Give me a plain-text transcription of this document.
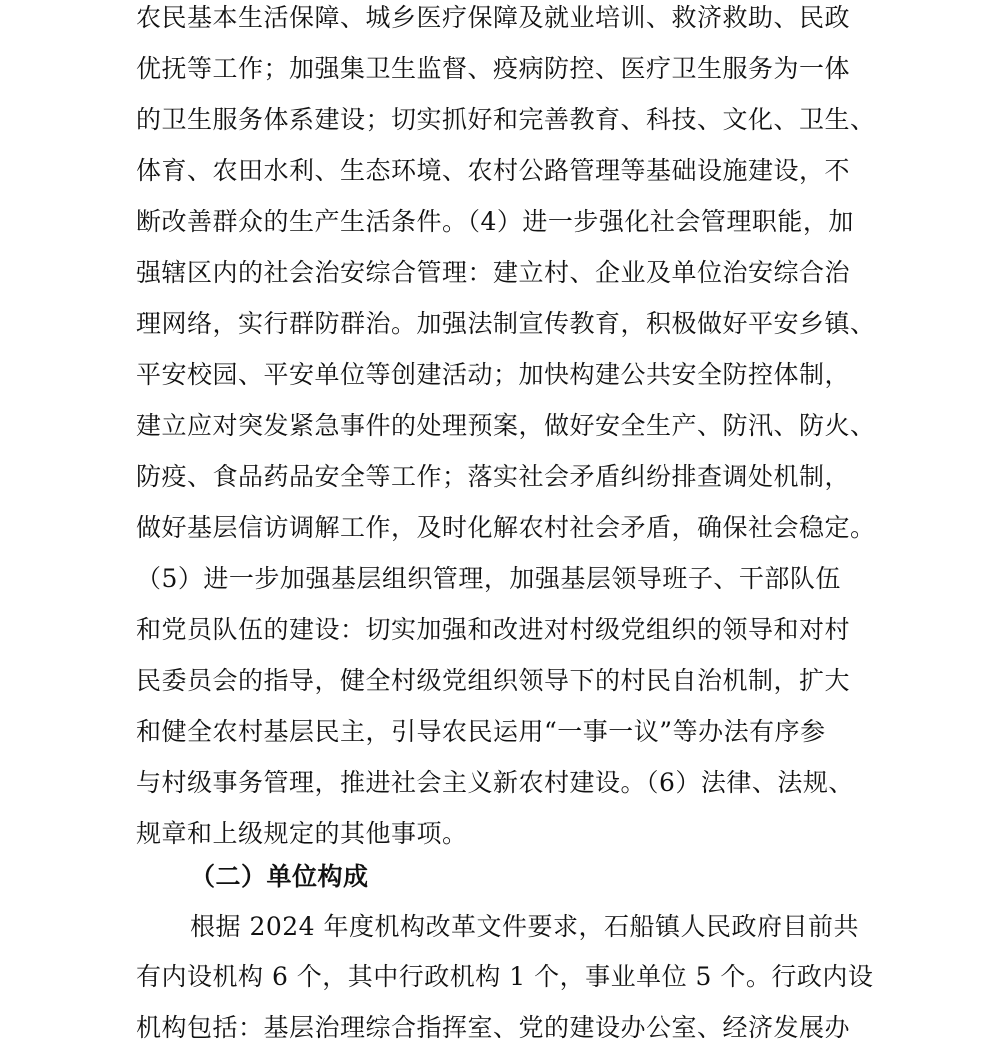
农民基本生活保障、城乡医疗保障及就业培训、救济救助、民政
优抚等工作；加强集卫生监督、疫病防控、医疗卫生服务为一体
的卫生服务体系建设；切实抓好和完善教育、科技、文化、卫生、
体育、农田水利、生态环境、农村公路管理等基础设施建设，不
断改善群众的生产生活条件。（4）进一步强化社会管理职能，加
强辖区内的社会治安综合管理：建立村、企业及单位治安综合治
理网络，实行群防群治。加强法制宣传教育，积极做好平安乡镇、
平安校园、平安单位等创建活动；加快构建公共安全防控体制，
建立应对突发紧急事件的处理预案，做好安全生产、防汛、防火、
防疫、食品药品安全等工作；落实社会矛盾纠纷排查调处机制，
做好基层信访调解工作，及时化解农村社会矛盾，确保社会稳定。
（5）进一步加强基层组织管理，加强基层领导班子、干部队伍
和党员队伍的建设：切实加强和改进对村级党组织的领导和对村
民委员会的指导，健全村级党组织领导下的村民自治机制，扩大
和健全农村基层民主，引导农民运用“一事一议”等办法有序参
与村级事务管理，推进社会主义新农村建设。（6）法律、法规、
规章和上级规定的其他事项。
（二）单位构成
根据 2024 年度机构改革文件要求，石船镇人民政府目前共
有内设机构 6 个，其中行政机构 1 个，事业单位 5 个。行政内设
机构包括：基层治理综合指挥室、党的建设办公室、经济发展办
